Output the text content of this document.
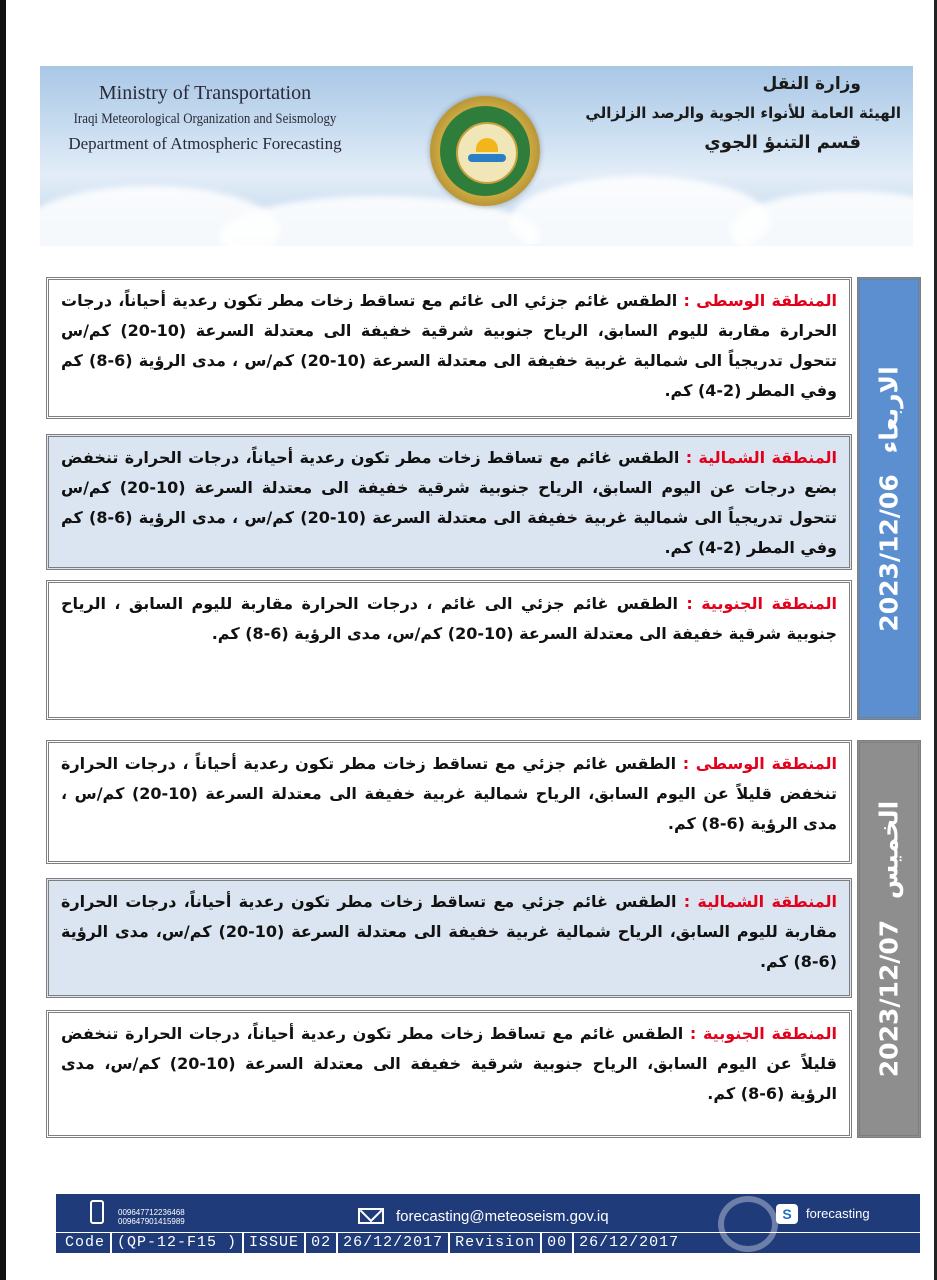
Ministry of Transportation
Iraqi Meteorological Organization and Seismology
Department of Atmospheric Forecasting
وزارة النقل
الهيئة العامة للأنواء الجوية والرصد الزلزالي
قسم التنبؤ الجوي

المنطقة الوسطى : الطقس غائم جزئي الى غائم مع تساقط زخات مطر تكون رعدية أحياناً، درجات الحرارة مقاربة لليوم السابق، الرياح جنوبية شرقية خفيفة الى معتدلة السرعة (10-20) كم/س تتحول تدريجياً الى شمالية غربية خفيفة الى معتدلة السرعة (10-20) كم/س ، مدى الرؤية (6-8) كم وفي المطر (2-4) كم.

المنطقة الشمالية : الطقس غائم مع تساقط زخات مطر تكون رعدية أحياناً، درجات الحرارة تنخفض بضع درجات عن اليوم السابق، الرياح جنوبية شرقية خفيفة الى معتدلة السرعة (10-20) كم/س تتحول تدريجياً الى شمالية غربية خفيفة الى معتدلة السرعة (10-20) كم/س ، مدى الرؤية (6-8) كم وفي المطر (2-4) كم.

المنطقة الجنوبية : الطقس غائم جزئي الى غائم ، درجات الحرارة مقاربة لليوم السابق ، الرياح جنوبية شرقية خفيفة الى معتدلة السرعة (10-20) كم/س، مدى الرؤية (6-8) كم.

2023/12/06 الاربعاء

المنطقة الوسطى : الطقس غائم جزئي مع تساقط زخات مطر تكون رعدية أحياناً ، درجات الحرارة تنخفض قليلاً عن اليوم السابق، الرياح شمالية غربية خفيفة الى معتدلة السرعة (10-20) كم/س ، مدى الرؤية (6-8) كم.

المنطقة الشمالية : الطقس غائم جزئي مع تساقط زخات مطر تكون رعدية أحياناً، درجات الحرارة مقاربة لليوم السابق، الرياح شمالية غربية خفيفة الى معتدلة السرعة (10-20) كم/س، مدى الرؤية (6-8) كم.

المنطقة الجنوبية : الطقس غائم مع تساقط زخات مطر تكون رعدية أحياناً، درجات الحرارة تنخفض قليلاً عن اليوم السابق، الرياح جنوبية شرقية خفيفة الى معتدلة السرعة (10-20) كم/س، مدى الرؤية (6-8) كم.

2023/12/07 الخميس
009647712236468
009647901415989	forecasting@meteoseism.gov.iq	S	forecasting
Code (QP-12-F15 ) ISSUE 02 26/12/2017 Revision 00 26/12/2017
